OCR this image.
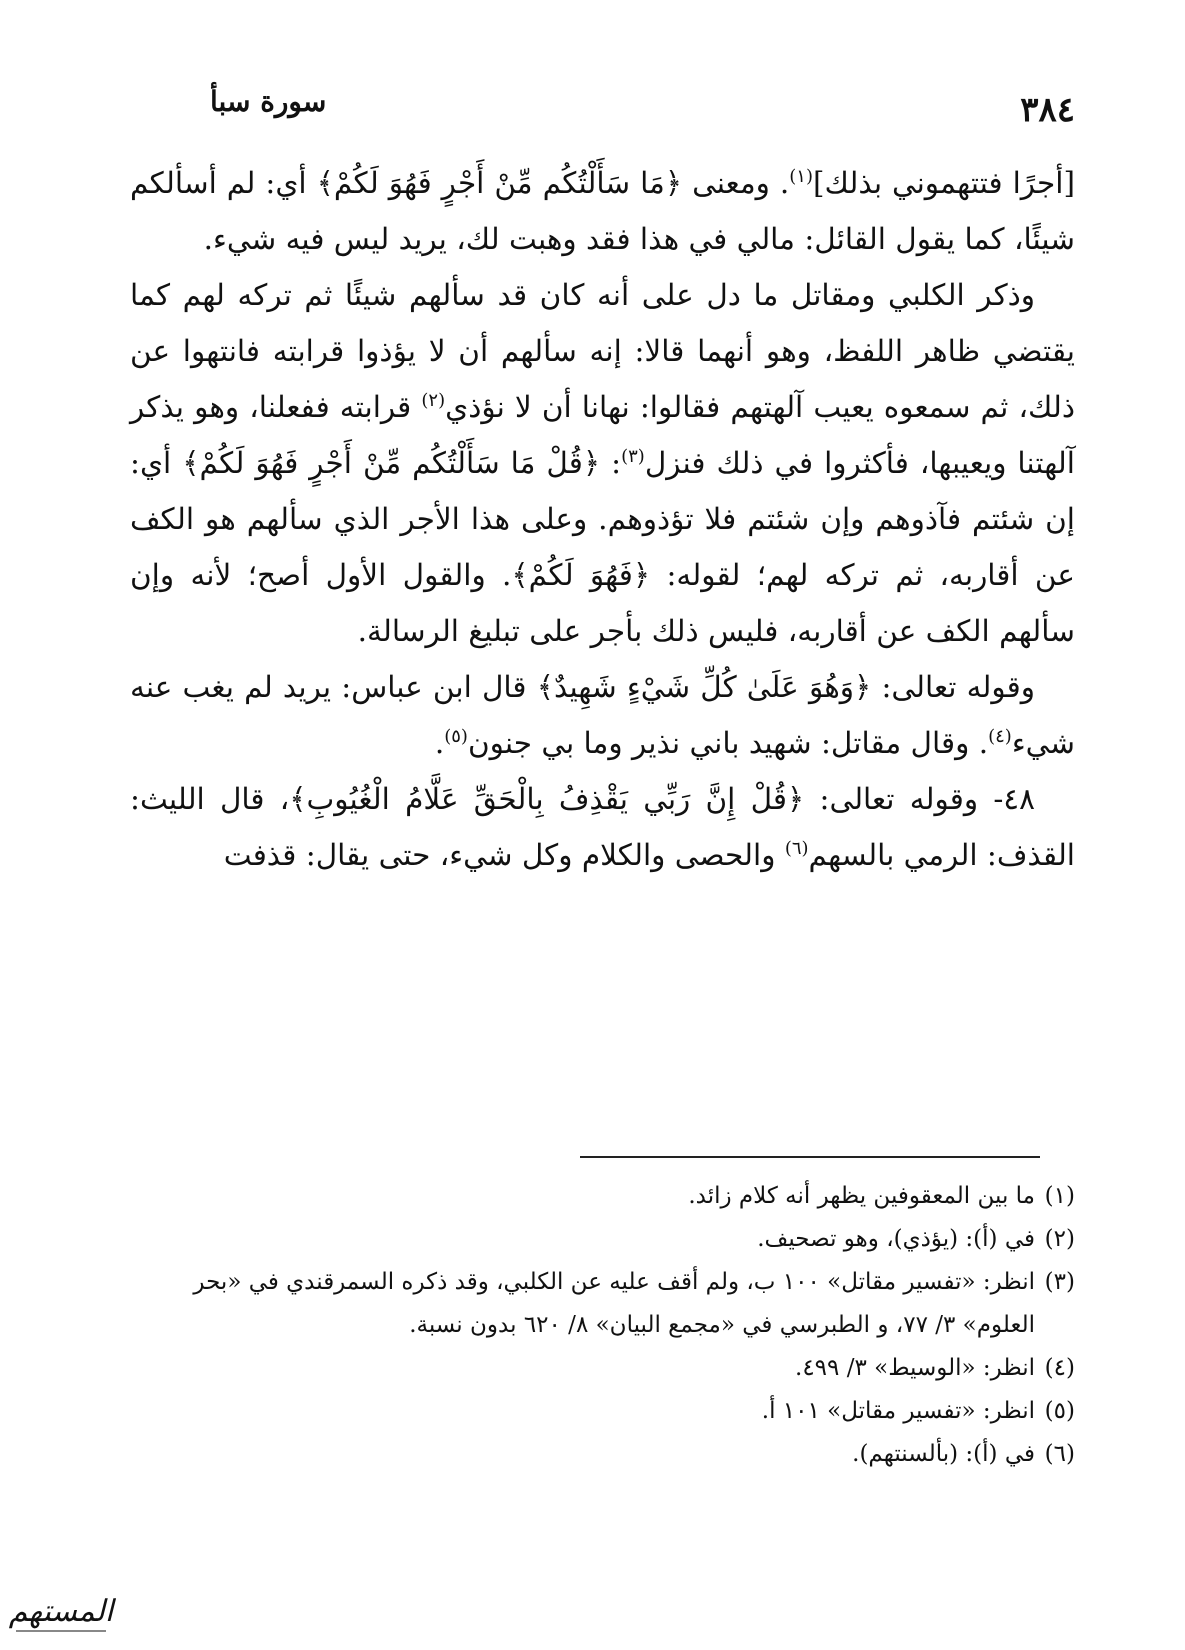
٣٨٤
سورة سبأ

[أجرًا فتتهموني بذلك]$^{(١)}$. ومعنى ﴿مَا سَأَلْتُكُم مِّنْ أَجْرٍ فَهُوَ لَكُمْ﴾ أي: لم أسألكم شيئًا، كما يقول القائل: مالي في هذا فقد وهبت لك، يريد ليس فيه شيء.

وذكر الكلبي ومقاتل ما دل على أنه كان قد سألهم شيئًا ثم تركه لهم كما يقتضي ظاهر اللفظ، وهو أنهما قالا: إنه سألهم أن لا يؤذوا قرابته فانتهوا عن ذلك، ثم سمعوه يعيب آلهتهم فقالوا: نهانا أن لا نؤذي$^{(٢)}$ قرابته ففعلنا، وهو يذكر آلهتنا ويعيبها، فأكثروا في ذلك فنزل$^{(٣)}$: ﴿قُلْ مَا سَأَلْتُكُم مِّنْ أَجْرٍ فَهُوَ لَكُمْ﴾ أي: إن شئتم فآذوهم وإن شئتم فلا تؤذوهم. وعلى هذا الأجر الذي سألهم هو الكف عن أقاربه، ثم تركه لهم؛ لقوله: ﴿فَهُوَ لَكُمْ﴾. والقول الأول أصح؛ لأنه وإن سألهم الكف عن أقاربه، فليس ذلك بأجر على تبليغ الرسالة.

وقوله تعالى: ﴿وَهُوَ عَلَىٰ كُلِّ شَيْءٍ شَهِيدٌ﴾ قال ابن عباس: يريد لم يغب عنه شيء$^{(٤)}$. وقال مقاتل: شهيد باني نذير وما بي جنون$^{(٥)}$.

٤٨- وقوله تعالى: ﴿قُلْ إِنَّ رَبِّي يَقْذِفُ بِالْحَقِّ عَلَّامُ الْغُيُوبِ﴾، قال الليث: القذف: الرمي بالسهم$^{(٦)}$ والحصى والكلام وكل شيء، حتى يقال: قذفت

(١)
ما بين المعقوفين يظهر أنه كلام زائد.
(٢)
في (أ): (يؤذي)، وهو تصحيف.
(٣)
انظر: «تفسير مقاتل» ١٠٠ ب، ولم أقف عليه عن الكلبي، وقد ذكره السمرقندي في «بحر العلوم» ٣/ ٧٧، و الطبرسي في «مجمع البيان» ٨/ ٦٢٠ بدون نسبة.
(٤)
انظر: «الوسيط» ٣/ ٤٩٩.
(٥)
انظر: «تفسير مقاتل» ١٠١ أ.
(٦)
في (أ): (بألسنتهم).
المستهم
